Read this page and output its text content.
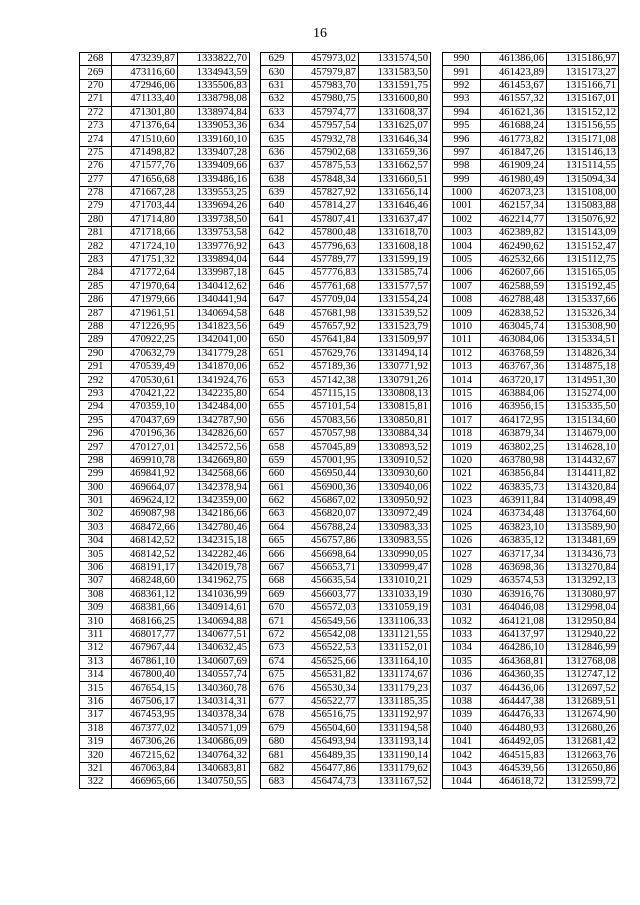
16
268	473239,87	1333822,70
269	473116,60	1334943,59
270	472946,06	1335506,83
271	471133,40	1338798,08
272	471301,80	1338974,84
273	471376,64	1339053,36
274	471510,60	1339160,10
275	471498,82	1339407,28
276	471577,76	1339409,66
277	471656,68	1339486,16
278	471667,28	1339553,25
279	471703,44	1339694,26
280	471714,80	1339738,50
281	471718,66	1339753,58
282	471724,10	1339776,92
283	471751,32	1339894,04
284	471772,64	1339987,18
285	471970,64	1340412,62
286	471979,66	1340441,94
287	471961,51	1340694,58
288	471226,95	1341823,56
289	470922,25	1342041,00
290	470632,79	1341779,28
291	470539,49	1341870,06
292	470530,61	1341924,76
293	470421,22	1342235,80
294	470359,10	1342484,00
295	470437,69	1342787,90
296	470196,36	1342826,60
297	470127,01	1342572,56
298	469910,78	1342669,80
299	469841,92	1342568,66
300	469664,07	1342378,94
301	469624,12	1342359,00
302	469087,98	1342186,66
303	468472,66	1342780,46
304	468142,52	1342315,18
305	468142,52	1342282,46
306	468191,17	1342019,78
307	468248,60	1341962,75
308	468361,12	1341036,99
309	468381,66	1340914,61
310	468166,25	1340694,88
311	468017,77	1340677,51
312	467967,44	1340632,45
313	467861,10	1340607,69
314	467800,40	1340557,74
315	467654,15	1340360,78
316	467506,17	1340314,31
317	467453,95	1340378,34
318	467377,02	1340571,09
319	467306,26	1340686,09
320	467215,62	1340764,32
321	467063,84	1340683,81
322	466965,66	1340750,55
629	457973,02	1331574,50
630	457979,87	1331583,50
631	457983,70	1331591,75
632	457980,75	1331600,80
633	457974,77	1331608,37
634	457957,54	1331625,07
635	457932,78	1331646,34
636	457902,68	1331659,36
637	457875,53	1331662,57
638	457848,34	1331660,51
639	457827,92	1331656,14
640	457814,27	1331646,46
641	457807,41	1331637,47
642	457800,48	1331618,70
643	457796,63	1331608,18
644	457789,77	1331599,19
645	457776,83	1331585,74
646	457761,68	1331577,57
647	457709,04	1331554,24
648	457681,98	1331539,52
649	457657,92	1331523,79
650	457641,84	1331509,97
651	457629,76	1331494,14
652	457189,36	1330771,92
653	457142,38	1330791,26
654	457115,15	1330808,13
655	457101,54	1330815,81
656	457083,56	1330850,81
657	457057,98	1330884,34
658	457045,89	1330893,52
659	457001,95	1330910,52
660	456950,44	1330930,60
661	456900,36	1330940,06
662	456867,02	1330950,92
663	456820,07	1330972,49
664	456788,24	1330983,33
665	456757,86	1330983,55
666	456698,64	1330990,05
667	456653,71	1330999,47
668	456635,54	1331010,21
669	456603,77	1331033,19
670	456572,03	1331059,19
671	456549,56	1331106,33
672	456542,08	1331121,55
673	456522,53	1331152,01
674	456525,66	1331164,10
675	456531,82	1331174,67
676	456530,34	1331179,23
677	456522,77	1331185,35
678	456516,75	1331192,97
679	456504,60	1331194,58
680	456493,94	1331193,14
681	456489,35	1331190,14
682	456477,86	1331179,62
683	456474,73	1331167,52
990	461386,06	1315186,97
991	461423,89	1315173,27
992	461453,67	1315166,71
993	461557,32	1315167,01
994	461621,36	1315152,12
995	461688,24	1315156,55
996	461773,82	1315171,08
997	461847,26	1315146,13
998	461909,24	1315114,55
999	461980,49	1315094,34
1000	462073,23	1315108,00
1001	462157,34	1315083,88
1002	462214,77	1315076,92
1003	462389,82	1315143,09
1004	462490,62	1315152,47
1005	462532,66	1315112,75
1006	462607,66	1315165,05
1007	462588,59	1315192,45
1008	462788,48	1315337,66
1009	462838,52	1315326,34
1010	463045,74	1315308,90
1011	463084,06	1315334,51
1012	463768,59	1314826,34
1013	463767,36	1314875,18
1014	463720,17	1314951,30
1015	463884,06	1315274,00
1016	463956,15	1315335,50
1017	464172,95	1315134,60
1018	463879,34	1314679,00
1019	463802,25	1314628,10
1020	463780,98	1314432,67
1021	463856,84	1314411,82
1022	463835,73	1314320,84
1023	463911,84	1314098,49
1024	463734,48	1313764,60
1025	463823,10	1313589,90
1026	463835,12	1313481,69
1027	463717,34	1313436,73
1028	463698,36	1313270,84
1029	463574,53	1313292,13
1030	463916,76	1313080,97
1031	464046,08	1312998,04
1032	464121,08	1312950,84
1033	464137,97	1312940,22
1034	464286,10	1312846,99
1035	464368,81	1312768,08
1036	464360,35	1312747,12
1037	464436,06	1312697,52
1038	464447,38	1312689,51
1039	464476,33	1312674,90
1040	464480,93	1312680,26
1041	464492,05	1312681,42
1042	464515,83	1312663,76
1043	464539,56	1312650,86
1044	464618,72	1312599,72
